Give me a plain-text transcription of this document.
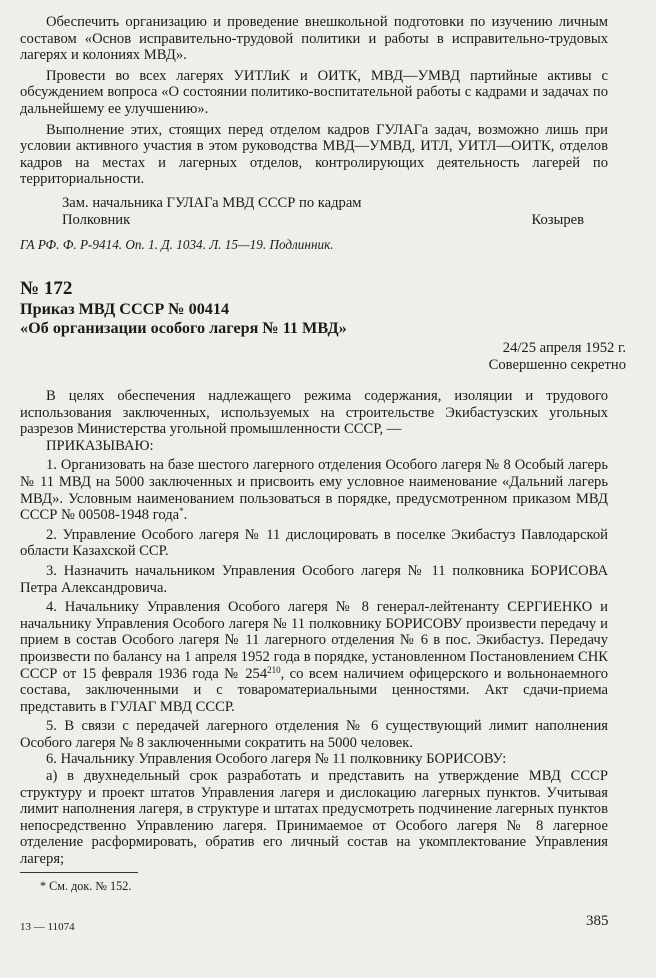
Обеспечить организацию и проведение внешкольной подготовки по изучению личным составом «Основ исправительно-трудовой политики и работы в исправительно-трудовых лагерях и колониях МВД».

Провести во всех лагерях УИТЛиК и ОИТК, МВД—УМВД партийные активы с обсуждением вопроса «О состоянии политико-воспитательной работы с кадрами и задачах по дальнейшему ее улучшению».

Выполнение этих, стоящих перед отделом кадров ГУЛАГа задач, возможно лишь при условии активного участия в этом руководства МВД—УМВД, ИТЛ, УИТЛ—ОИТК, отделов кадров на местах и лагерных отделов, контролирующих деятельность лагерей по территориальности.

Зам. начальника ГУЛАГа МВД СССР по кадрам
Полковник	Козырев
ГА РФ. Ф. Р-9414. Оп. 1. Д. 1034. Л. 15—19. Подлинник.
№ 172
Приказ МВД СССР № 00414
«Об организации особого лагеря № 11 МВД»
24/25 апреля 1952 г.
Совершенно секретно

В целях обеспечения надлежащего режима содержания, изоляции и трудового использования заключенных, используемых на строительстве Экибастузских угольных разрезов Министерства угольной промышленности СССР, —

ПРИКАЗЫВАЮ:

1. Организовать на базе шестого лагерного отделения Особого лагеря № 8 Особый лагерь № 11 МВД на 5000 заключенных и присвоить ему условное наименование «Дальний лагерь МВД». Условным наименованием пользоваться в порядке, предусмотренном приказом МВД СССР № 00508-1948 года*.

2. Управление Особого лагеря № 11 дислоцировать в поселке Экибастуз Павлодарской области Казахской ССР.

3. Назначить начальником Управления Особого лагеря № 11 полковника БОРИСОВА Петра Александровича.

4. Начальнику Управления Особого лагеря № 8 генерал-лейтенанту СЕРГИЕНКО и начальнику Управления Особого лагеря № 11 полковнику БОРИСОВУ произвести передачу и прием в состав Особого лагеря № 11 лагерного отделения № 6 в пос. Экибастуз. Передачу произвести по балансу на 1 апреля 1952 года в порядке, установленном Постановлением СНК СССР от 15 февраля 1936 года № $254^{210}$, со всем наличием офицерского и вольнонаемного состава, заключенными и с товароматериальными ценностями. Акт сдачи-приема представить в ГУЛАГ МВД СССР.

5. В связи с передачей лагерного отделения № 6 существующий лимит наполнения Особого лагеря № 8 заключенными сократить на 5000 человек.

6. Начальнику Управления Особого лагеря № 11 полковнику БОРИСОВУ:

а) в двухнедельный срок разработать и представить на утверждение МВД СССР структуру и проект штатов Управления лагеря и дислокацию лагерных пунктов. Учитывая лимит наполнения лагеря, в структуре и штатах предусмотреть подчинение лагерных пунктов непосредственно Управлению лагеря. Принимаемое от Особого лагеря № 8 лагерное отделение расформировать, обратив его личный состав на укомплектование Управления лагеря;

* См. док. № 152.
13 — 11074	385
